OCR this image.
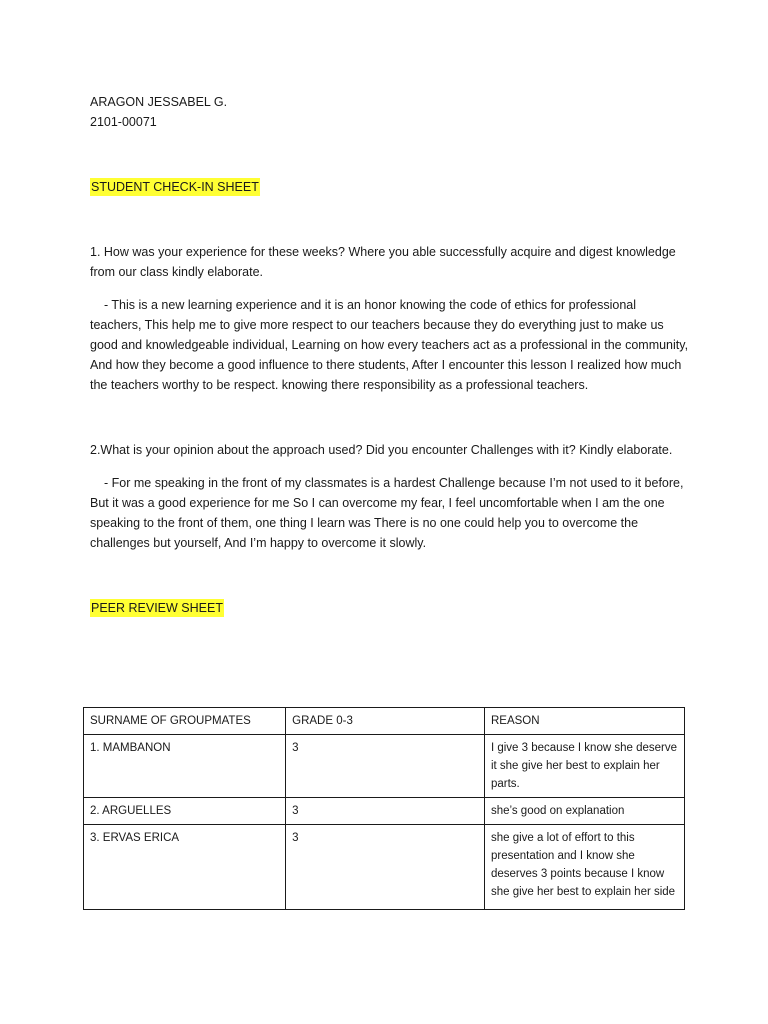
ARAGON JESSABEL G.

2101-00071

STUDENT CHECK-IN SHEET

1. How was your experience for these weeks? Where you able successfully acquire and digest knowledge from our class kindly elaborate.

- This is a new learning experience and it is an honor knowing the code of ethics for professional teachers, This help me to give more respect to our teachers because they do everything just to make us good and knowledgeable individual, Learning on how every teachers act as a professional in the community, And how they become a good influence to there students, After I encounter this lesson I realized how much the teachers worthy to be respect. knowing there responsibility as a professional teachers.

2.What is your opinion about the approach used? Did you encounter Challenges with it? Kindly elaborate.

- For me speaking in the front of my classmates is a hardest Challenge because I’m not used to it before, But it was a good experience for me So I can overcome my fear, I feel uncomfortable when I am the one speaking to the front of them, one thing I learn was There is no one could help you to overcome the challenges but yourself, And I’m happy to overcome it slowly.

PEER REVIEW SHEET

SURNAME OF GROUPMATES	GRADE 0-3	REASON
1. MAMBANON	3	I give 3 because I know she deserve it she give her best to explain her parts.
2. ARGUELLES	3	she’s good on explanation
3. ERVAS ERICA	3	she give a lot of effort to this presentation and I know she deserves 3 points because I know she give her best to explain her side
